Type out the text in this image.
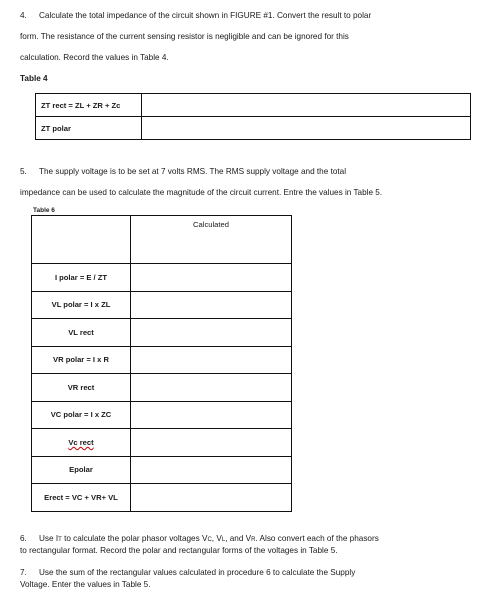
4. Calculate the total impedance of the circuit shown in FIGURE #1. Convert the result to polar
form. The resistance of the current sensing resistor is negligible and can be ignored for this
calculation. Record the values in Table 4.
Table 4
ZT rect = ZL + ZR + Zc	
ZT polar	
5. The supply voltage is to be set at 7 volts RMS. The RMS supply voltage and the total
impedance can be used to calculate the magnitude of the circuit current. Entre the values in Table 5.
Table 6
	Calculated
I polar = E / ZT	
VL polar = I x ZL	
VL rect	
VR polar = I x R	
VR rect	
VC polar = I x ZC	
Vc rect	
Epolar	
Erect = VC + VR+ VL	
6. Use IT to calculate the polar phasor voltages VC, VL, and VR. Also convert each of the phasors
to rectangular format. Record the polar and rectangular forms of the voltages in Table 5.
7. Use the sum of the rectangular values calculated in procedure 6 to calculate the Supply
Voltage. Enter the values in Table 5.
